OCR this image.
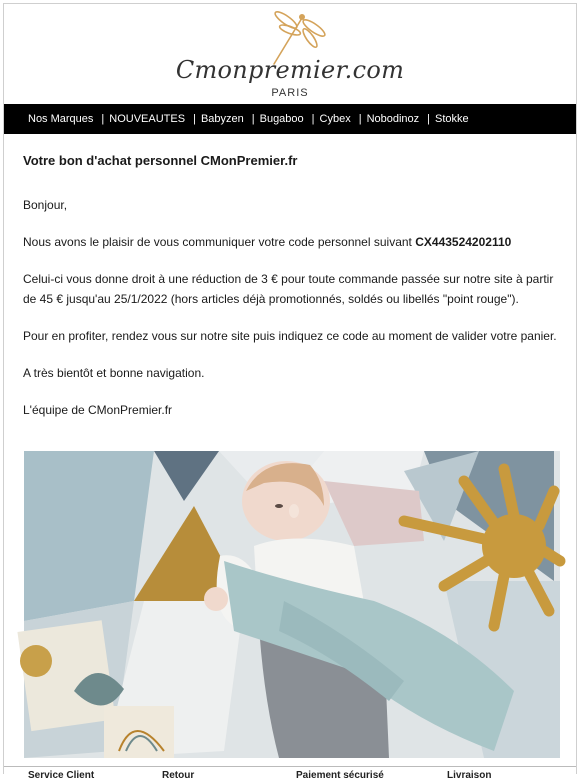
Cmonpremier.com
PARIS
Nos Marques | NOUVEAUTES | Babyzen | Bugaboo | Cybex | Nobodinoz | Stokke
Votre bon d'achat personnel CMonPremier.fr
Bonjour,
Nous avons le plaisir de vous communiquer votre code personnel suivant CX443524202110
Celui-ci vous donne droit à une réduction de 3 € pour toute commande passée sur notre site à partir de 45 € jusqu'au 25/1/2022 (hors articles déjà promotionnés, soldés ou libellés "point rouge").
Pour en profiter, rendez vous sur notre site puis indiquez ce code au moment de valider votre panier.
A très bientôt et bonne navigation.
L'équipe de CMonPremier.fr
Service Client	Retour	Paiement sécurisé	Livraison
